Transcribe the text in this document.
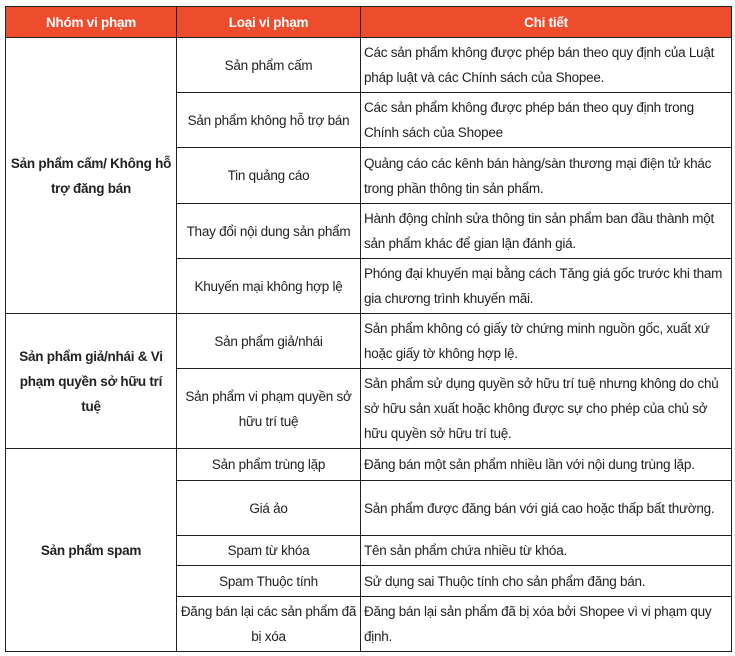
Nhóm vi phạm	Loại vi phạm	Chi tiết
Sản phẩm cấm/ Không hỗ trợ đăng bán	Sản phẩm cấm	Các sản phẩm không được phép bán theo quy định của Luật pháp luật và các Chính sách của Shopee.
	Sản phẩm không hỗ trợ bán	Các sản phẩm không được phép bán theo quy định trong Chính sách của Shopee
	Tin quảng cáo	Quảng cáo các kênh bán hàng/sàn thương mại điện tử khác trong phần thông tin sản phẩm.
	Thay đổi nội dung sản phẩm	Hành động chỉnh sửa thông tin sản phẩm ban đầu thành một sản phẩm khác để gian lận đánh giá.
	Khuyến mại không hợp lệ	Phóng đại khuyến mại bằng cách Tăng giá gốc trước khi tham gia chương trình khuyến mãi.
Sản phẩm giả/nhái & Vi phạm quyền sở hữu trí tuệ	Sản phẩm giả/nhái	Sản phẩm không có giấy tờ chứng minh nguồn gốc, xuất xứ hoặc giấy tờ không hợp lệ.
	Sản phẩm vi phạm quyền sở hữu trí tuệ	Sản phẩm sử dụng quyền sở hữu trí tuệ nhưng không do chủ sở hữu sản xuất hoặc không được sự cho phép của chủ sở hữu quyền sở hữu trí tuệ.
Sản phẩm spam	Sản phẩm trùng lặp	Đăng bán một sản phẩm nhiều lần với nội dung trùng lặp.
	Giá ảo	Sản phẩm được đăng bán với giá cao hoặc thấp bất thường.
	Spam từ khóa	Tên sản phẩm chứa nhiều từ khóa.
	Spam Thuộc tính	Sử dụng sai Thuộc tính cho sản phẩm đăng bán.
	Đăng bán lại các sản phẩm đã bị xóa	Đăng bán lại sản phẩm đã bị xóa bởi Shopee vì vi phạm quy định.
